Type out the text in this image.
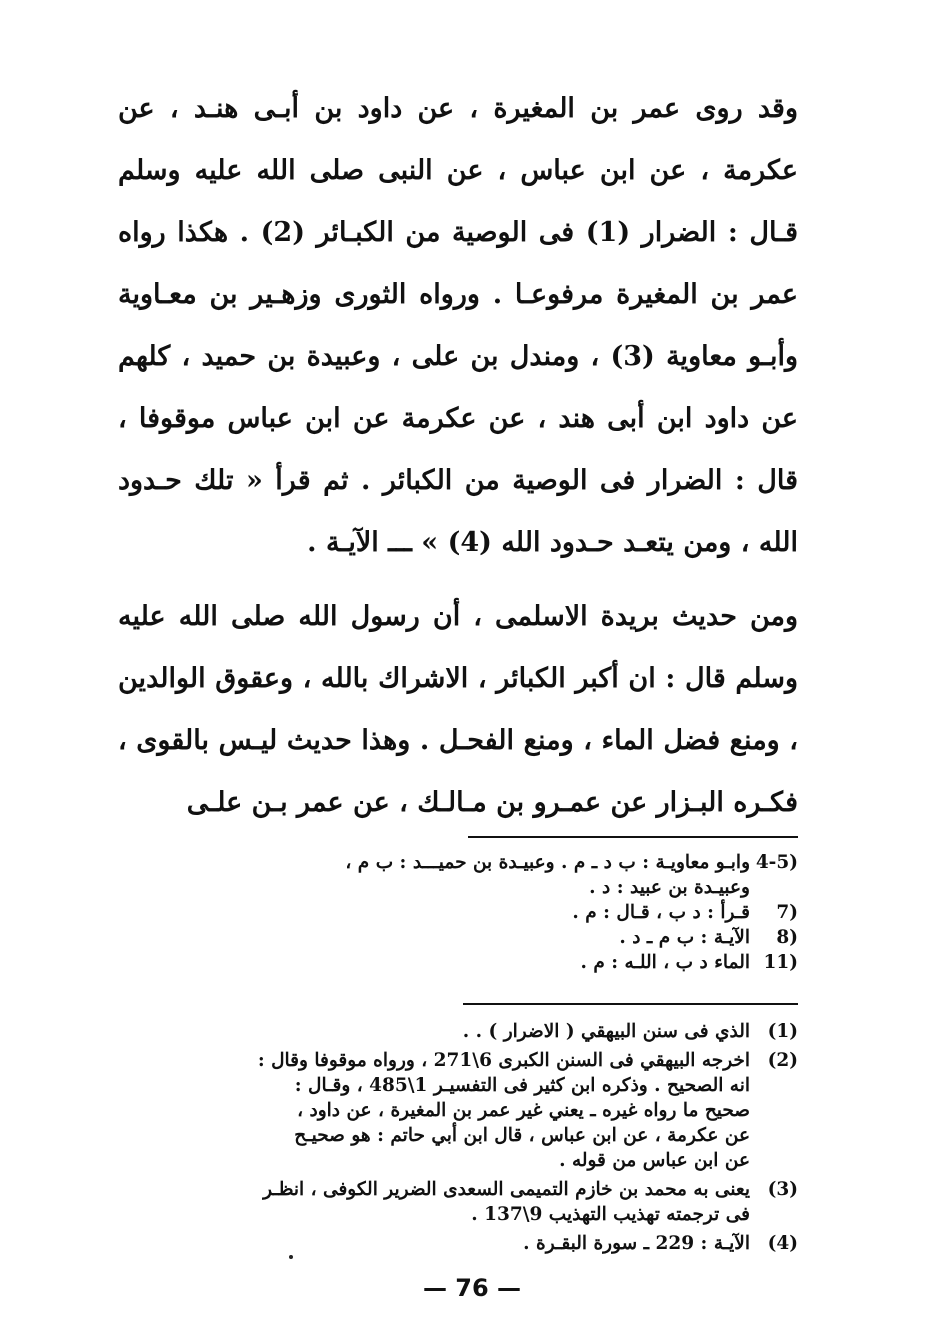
وقد روى عمر بن المغيرة ، عن داود بن أبـى هنـد ، عن عكرمة ، عن ابن عباس ، عن النبى صلى الله عليه وسلم قـال : الضرار (1) فى الوصية من الكبـائر (2) . هكذا رواه عمر بن المغيرة مرفوعـا . ورواه الثورى وزهـير بن معـاوية وأبـو معاوية (3) ، ومندل بن على ، وعبيدة بن حميد ، كلهم عن داود ابن أبى هند ، عن عكرمة عن ابن عباس موقوفا ، قال : الضرار فى الوصية من الكبائر . ثم قرأ « تلك حـدود الله ، ومن يتعـد حـدود الله (4) » ـــ الآيـة .

ومن حديث بريدة الاسلمى ، أن رسول الله صلى الله عليه وسلم قال : ان أكبر الكبائر ، الاشراك بالله ، وعقوق الوالدين ، ومنع فضل الماء ، ومنع الفحـل . وهذا حديث ليـس بالقوى ، فكـره البـزار عن عمـرو بن مـالـك ، عن عمر بـن علـى

4-5)
وابـو معاويـة : ب د ـ م . وعبيـدة بن حميـــد : ب م ،
وعبيـدة بن عبيد : د .
7)
قـرأ : د ب ، قـال : م .
8)
الآيـة : ب م ـ د .
11)
الماء د ب ، اللـه : م .
(1)
الذي فى سنن البيهقي ( الاضرار ) . .
(2)
اخرجه البيهقي فى السنن الكبرى 6\271 ، ورواه موقوفا وقال :
انه الصحيح . وذكره ابن كثير فى التفسيـر 1\485 ، وقـال :
صحيح ما رواه غيره ـ يعني غير عمر بن المغيرة ، عن داود ،
عن عكرمة ، عن ابن عباس ، قال ابن أبي حاتم : هو صحيـح
عن ابن عباس من قوله .
(3)
يعنى به محمد بن خازم التميمى السعدى الضرير الكوفى ، انظـر
فى ترجمته تهذيب التهذيب 9\137 .
(4)
الآيـة : 229 ـ سورة البقـرة .
— 76 —
